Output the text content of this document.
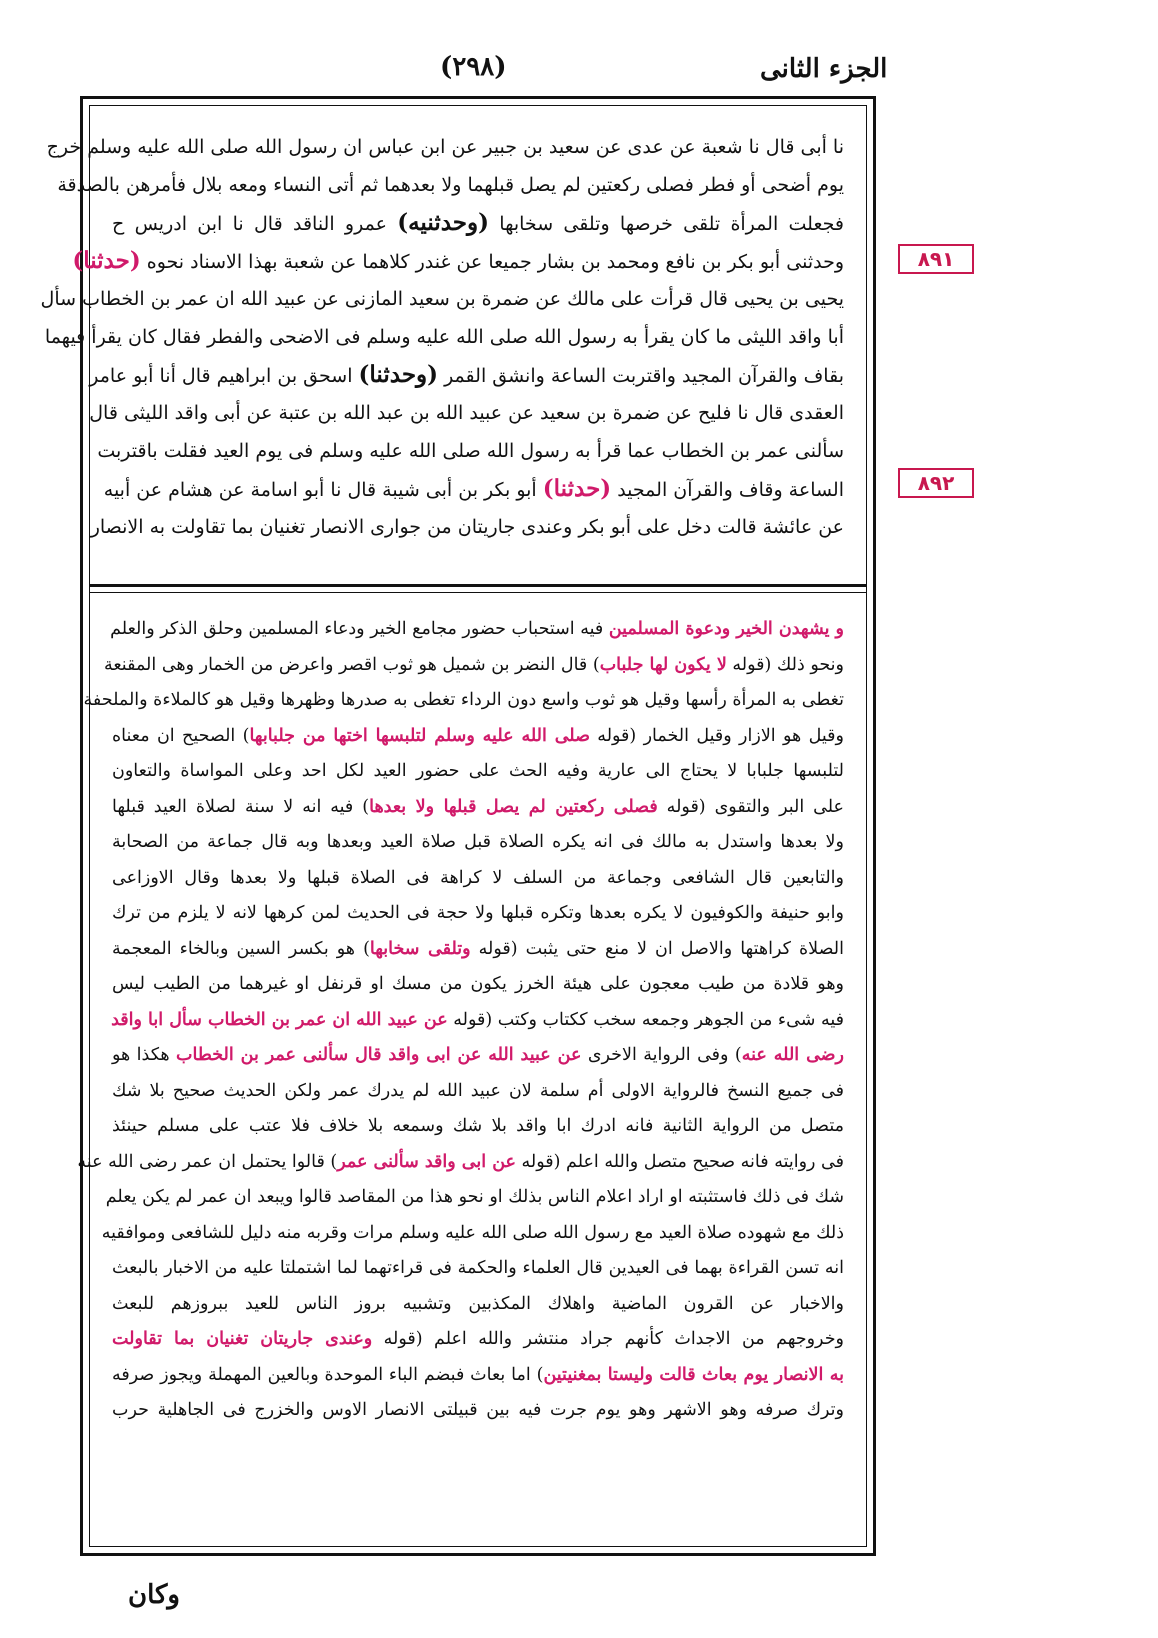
(٢٩٨)	الجزء الثانى
نا أبى قال نا شعبة عن عدى عن سعيد بن جبير عن ابن عباس ان رسول الله صلى الله عليه وسلم خرج
يوم أضحى أو فطر فصلى ركعتين لم يصل قبلهما ولا بعدهما ثم أتى النساء ومعه بلال فأمرهن بالصدقة
فجعلت المرأة تلقى خرصها وتلقى سخابها (وحدثنيه) عمرو الناقد قال نا ابن ادريس ح
وحدثنى أبو بكر بن نافع ومحمد بن بشار جميعا عن غندر كلاهما عن شعبة بهذا الاسناد نحوه (حدثنا)
يحيى بن يحيى قال قرأت على مالك عن ضمرة بن سعيد المازنى عن عبيد الله ان عمر بن الخطاب سأل
أبا واقد الليثى ما كان يقرأ به رسول الله صلى الله عليه وسلم فى الاضحى والفطر فقال كان يقرأ فيهما
بقاف والقرآن المجيد واقتربت الساعة وانشق القمر (وحدثنا) اسحق بن ابراهيم قال أنا أبو عامر
العقدى قال نا فليح عن ضمرة بن سعيد عن عبيد الله بن عبد الله بن عتبة عن أبى واقد الليثى قال
سألنى عمر بن الخطاب عما قرأ به رسول الله صلى الله عليه وسلم فى يوم العيد فقلت باقتربت
الساعة وقاف والقرآن المجيد (حدثنا) أبو بكر بن أبى شيبة قال نا أبو اسامة عن هشام عن أبيه
عن عائشة قالت دخل على أبو بكر وعندى جاريتان من جوارى الانصار تغنيان بما تقاولت به الانصار
و يشهدن الخير ودعوة المسلمين فيه استحباب حضور مجامع الخير ودعاء المسلمين وحلق الذكر والعلم
ونحو ذلك (قوله لا يكون لها جلباب) قال النضر بن شميل هو ثوب اقصر واعرض من الخمار وهى المقنعة
تغطى به المرأة رأسها وقيل هو ثوب واسع دون الرداء تغطى به صدرها وظهرها وقيل هو كالملاءة والملحفة
وقيل هو الازار وقيل الخمار (قوله صلى الله عليه وسلم لتلبسها اختها من جلبابها) الصحيح ان معناه
لتلبسها جلبابا لا يحتاج الى عارية وفيه الحث على حضور العيد لكل احد وعلى المواساة والتعاون
على البر والتقوى (قوله فصلى ركعتين لم يصل قبلها ولا بعدها) فيه انه لا سنة لصلاة العيد قبلها
ولا بعدها واستدل به مالك فى انه يكره الصلاة قبل صلاة العيد وبعدها وبه قال جماعة من الصحابة
والتابعين قال الشافعى وجماعة من السلف لا كراهة فى الصلاة قبلها ولا بعدها وقال الاوزاعى
وابو حنيفة والكوفيون لا يكره بعدها وتكره قبلها ولا حجة فى الحديث لمن كرهها لانه لا يلزم من ترك
الصلاة كراهتها والاصل ان لا منع حتى يثبت (قوله وتلقى سخابها) هو بكسر السين وبالخاء المعجمة
وهو قلادة من طيب معجون على هيئة الخرز يكون من مسك او قرنفل او غيرهما من الطيب ليس
فيه شىء من الجوهر وجمعه سخب ككتاب وكتب (قوله عن عبيد الله ان عمر بن الخطاب سأل ابا واقد
رضى الله عنه) وفى الرواية الاخرى عن عبيد الله عن ابى واقد قال سألنى عمر بن الخطاب هكذا هو
فى جميع النسخ فالرواية الاولى أم سلمة لان عبيد الله لم يدرك عمر ولكن الحديث صحيح بلا شك
متصل من الرواية الثانية فانه ادرك ابا واقد بلا شك وسمعه بلا خلاف فلا عتب على مسلم حينئذ
فى روايته فانه صحيح متصل والله اعلم (قوله عن ابى واقد سألنى عمر) قالوا يحتمل ان عمر رضى الله عنه
شك فى ذلك فاستثبته او اراد اعلام الناس بذلك او نحو هذا من المقاصد قالوا ويبعد ان عمر لم يكن يعلم
ذلك مع شهوده صلاة العيد مع رسول الله صلى الله عليه وسلم مرات وقربه منه دليل للشافعى وموافقيه
انه تسن القراءة بهما فى العيدين قال العلماء والحكمة فى قراءتهما لما اشتملتا عليه من الاخبار بالبعث
والاخبار عن القرون الماضية واهلاك المكذبين وتشبيه بروز الناس للعيد ببروزهم للبعث
وخروجهم من الاجداث كأنهم جراد منتشر والله اعلم (قوله وعندى جاريتان تغنيان بما تقاولت
به الانصار يوم بعاث قالت وليستا بمغنيتين) اما بعاث فبضم الباء الموحدة وبالعين المهملة ويجوز صرفه
وترك صرفه وهو الاشهر وهو يوم جرت فيه بين قبيلتى الانصار الاوس والخزرج فى الجاهلية حرب
٨٩١
٨٩٢
وكان
